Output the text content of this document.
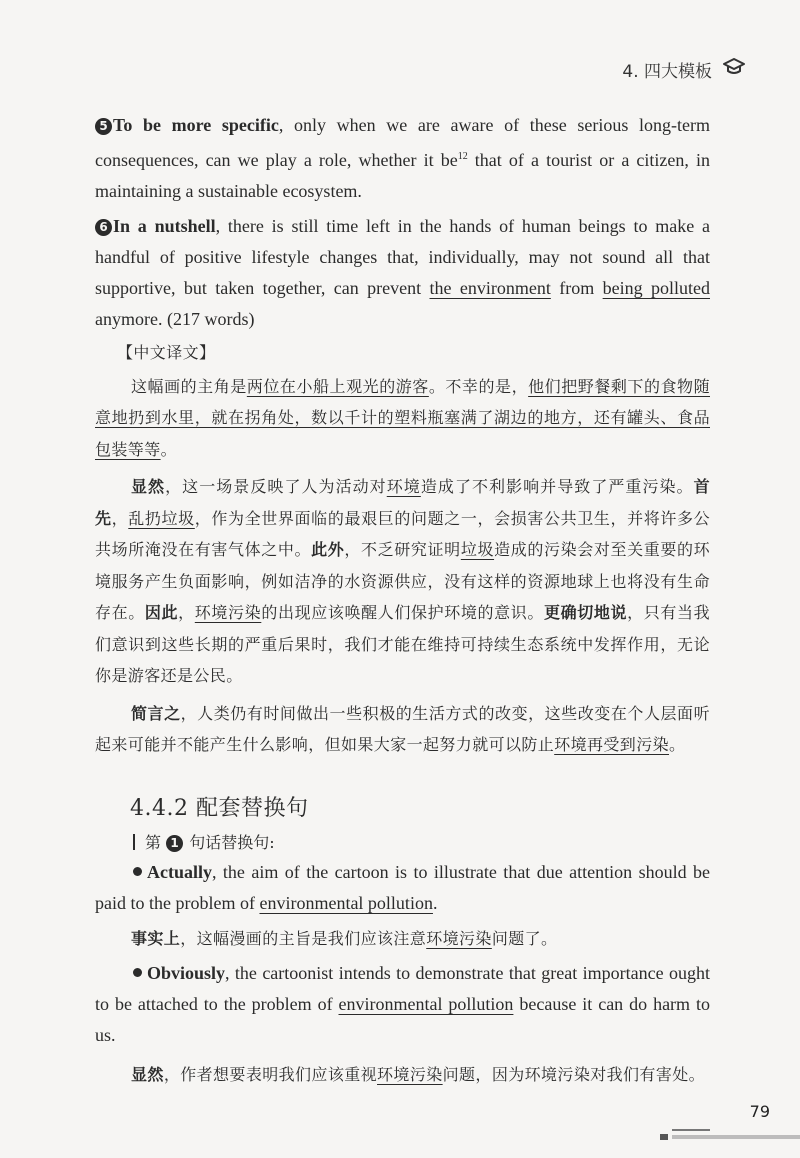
4. 四大模板

5 To be more specific, only when we are aware of these serious long-term consequences, can we play a role, whether it $be^{12}$ that of a tourist or a citizen, in maintaining a sustainable ecosystem.

6 In a nutshell, there is still time left in the hands of human beings to make a handful of positive lifestyle changes that, individually, may not sound all that supportive, but taken together, can prevent the environment from being polluted anymore. (217 words)

【中文译文】

这幅画的主角是两位在小船上观光的游客。不幸的是，他们把野餐剩下的食物随意地扔到水里，就在拐角处，数以千计的塑料瓶塞满了湖边的地方，还有罐头、食品包装等等。

显然，这一场景反映了人为活动对环境造成了不利影响并导致了严重污染。首先，乱扔垃圾，作为全世界面临的最艰巨的问题之一，会损害公共卫生，并将许多公共场所淹没在有害气体之中。此外，不乏研究证明垃圾造成的污染会对至关重要的环境服务产生负面影响，例如洁净的水资源供应，没有这样的资源地球上也将没有生命存在。因此，环境污染的出现应该唤醒人们保护环境的意识。更确切地说，只有当我们意识到这些长期的严重后果时，我们才能在维持可持续生态系统中发挥作用，无论你是游客还是公民。

简言之，人类仍有时间做出一些积极的生活方式的改变，这些改变在个人层面听起来可能并不能产生什么影响，但如果大家一起努力就可以防止环境再受到污染。

4.4.2 配套替换句
第 1 句话替换句:

Actually, the aim of the cartoon is to illustrate that due attention should be paid to the problem of environmental pollution.

事实上，这幅漫画的主旨是我们应该注意环境污染问题了。

Obviously, the cartoonist intends to demonstrate that great importance ought to be attached to the problem of environmental pollution because it can do harm to us.

显然，作者想要表明我们应该重视环境污染问题，因为环境污染对我们有害处。

79
